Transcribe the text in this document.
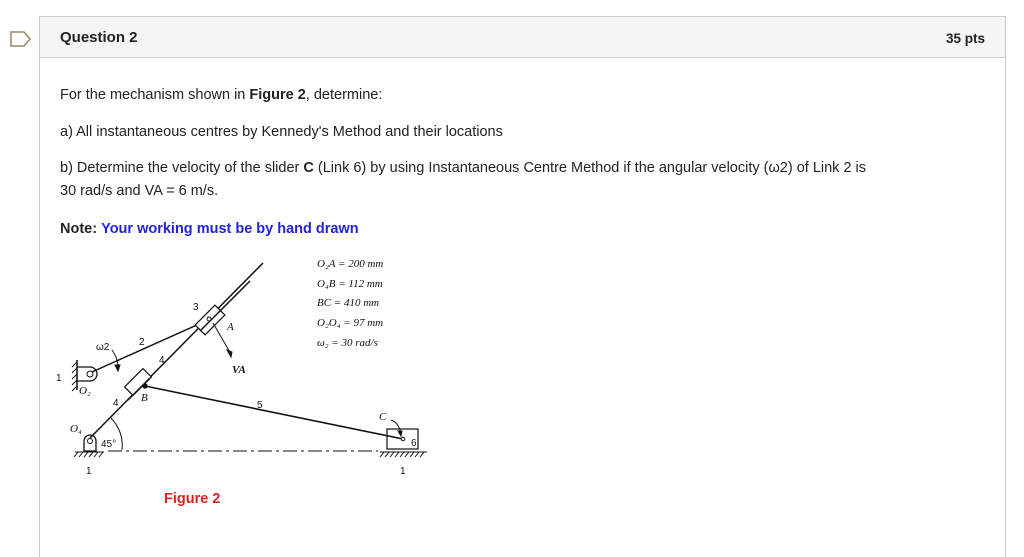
Question 2	35 pts
For the mechanism shown in Figure 2, determine:
a) All instantaneous centres by Kennedy's Method and their locations
b) Determine the velocity of the slider C (Link 6) by using Instantaneous Centre Method if the angular velocity (ω2) of Link 2 is
30 rad/s and VA = 6 m/s.
Note: Your working must be by hand drawn
Figure 2
1
1	1
2
3
4
4	5
6
A
B
C
O₂
O₄
ω2
VA
45°
O₂A = 200 mm
O₄B = 112 mm
BC = 410 mm
O₂O₄ = 97 mm
ω₂ = 30 rad/s
